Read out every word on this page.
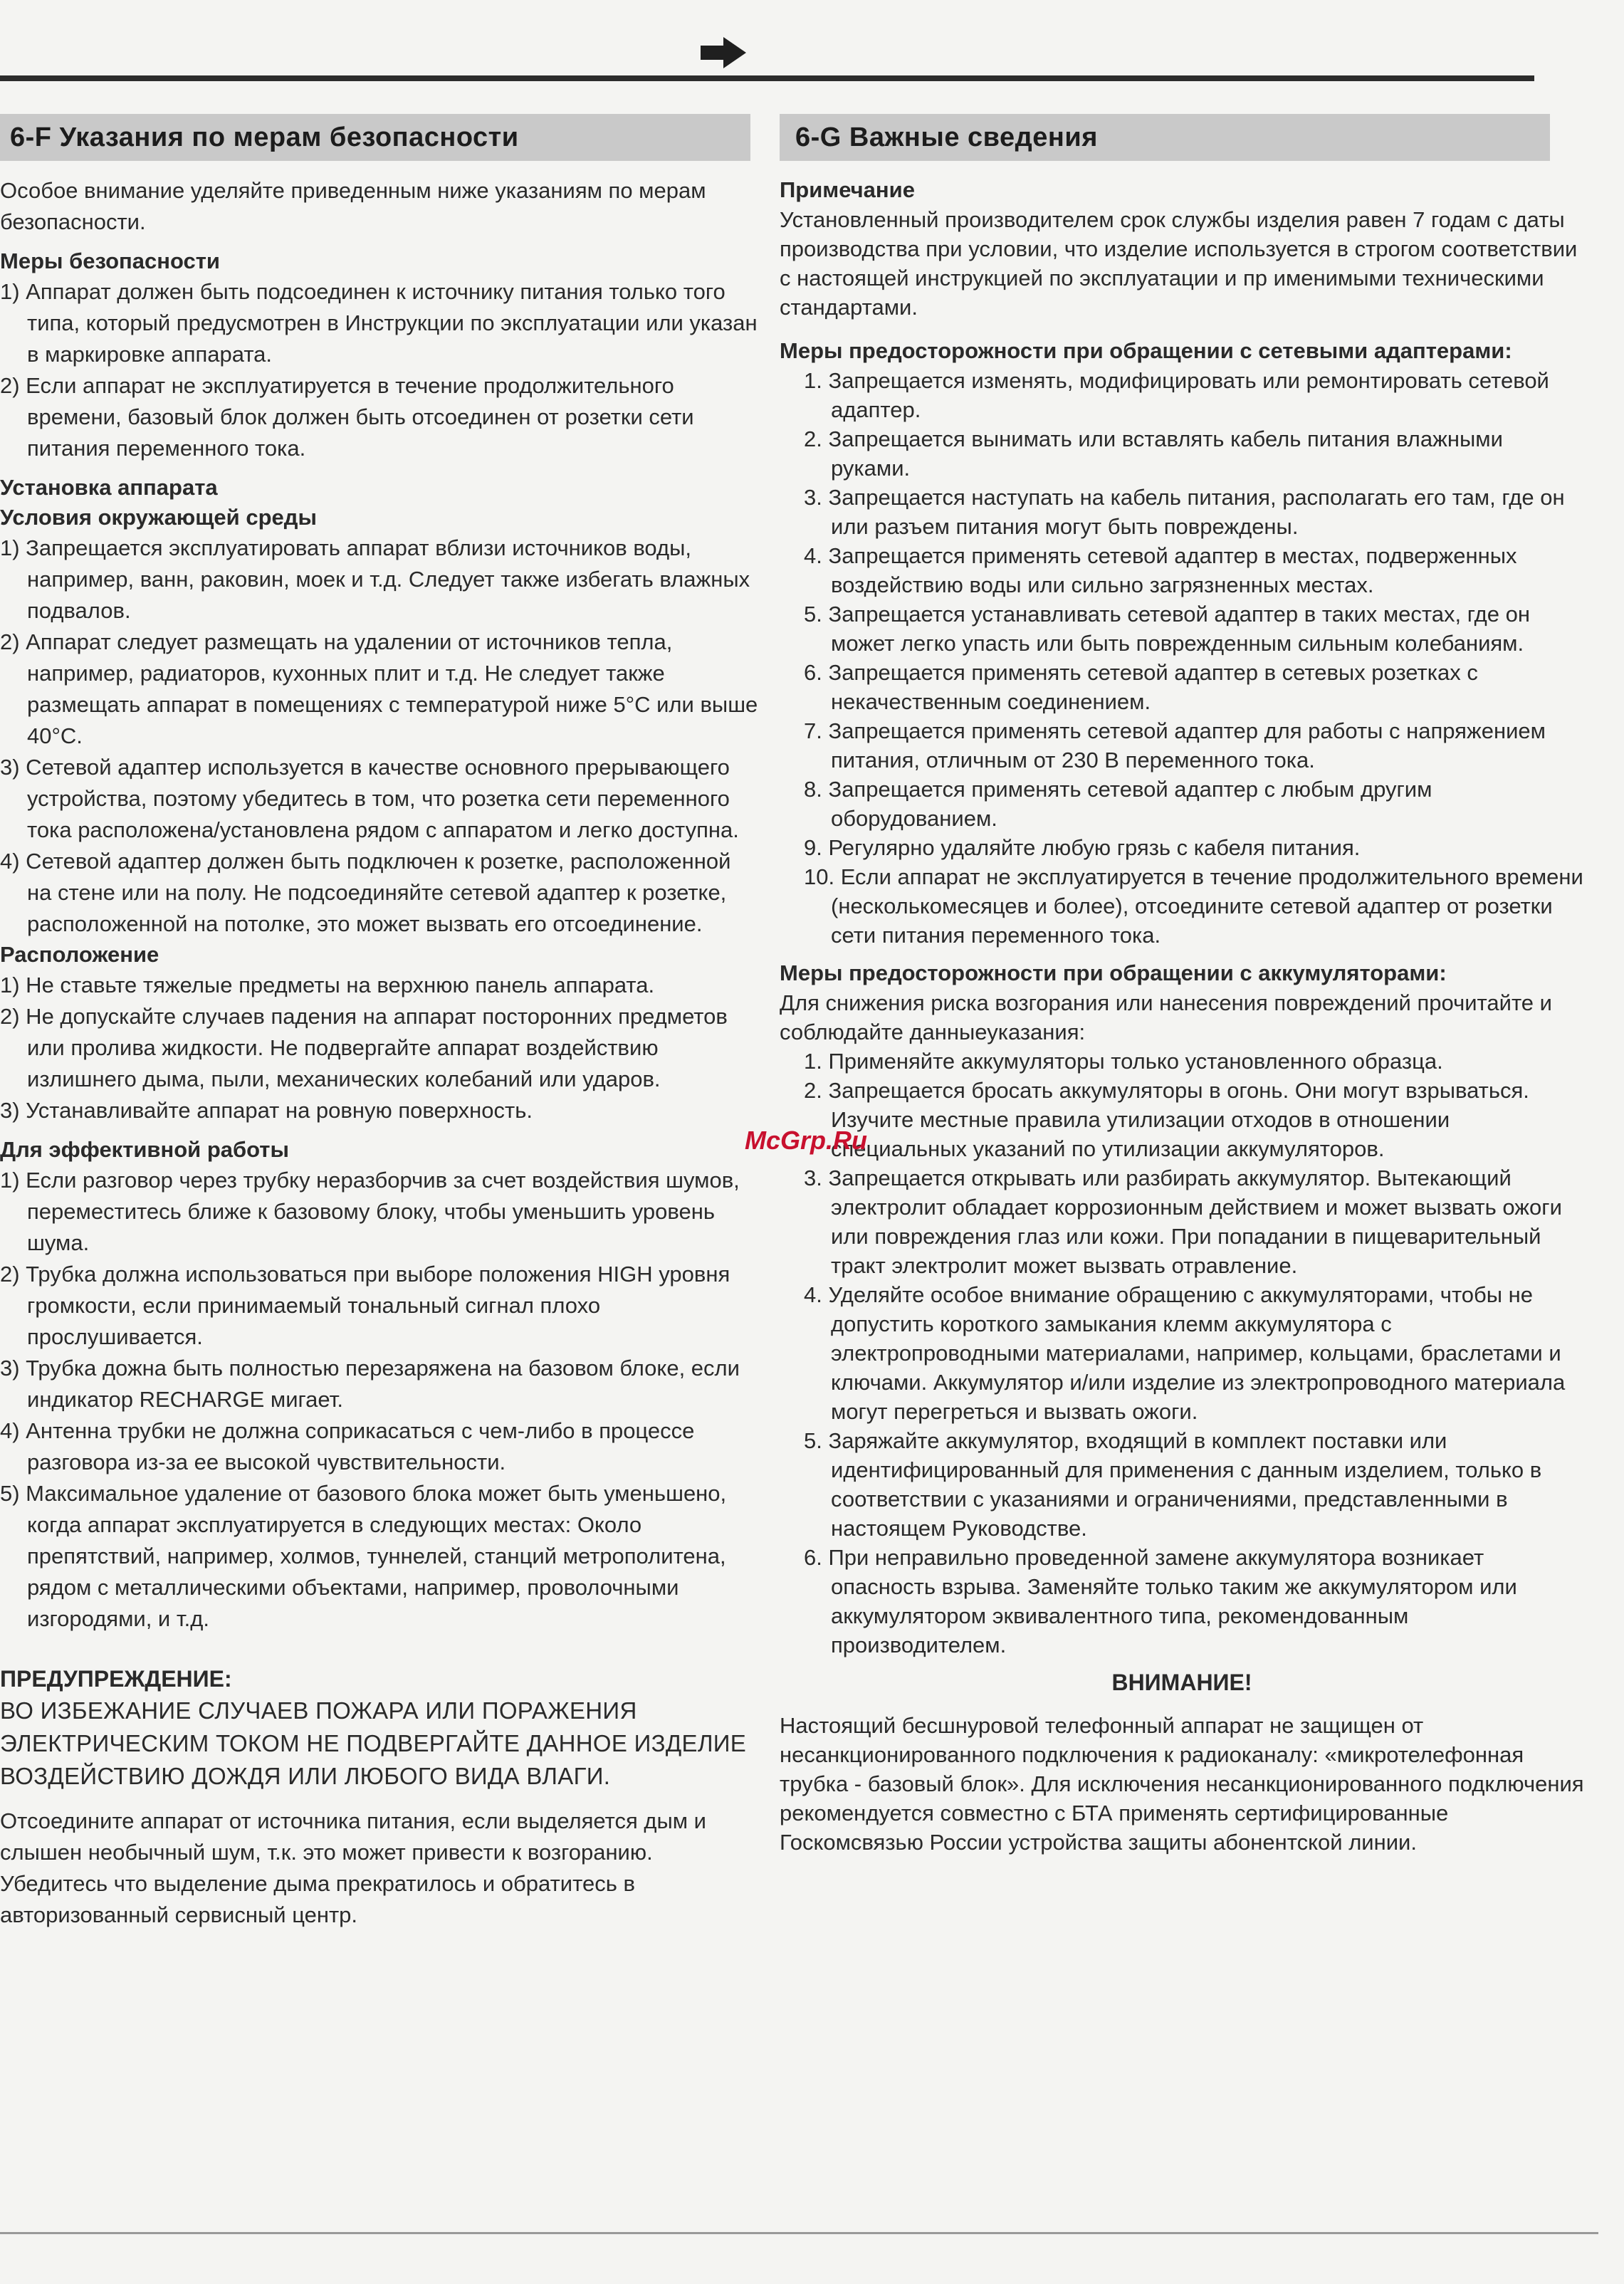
6-F Указания по мерам безопасности

Особое внимание уделяйте приведенным ниже указаниям по мерам безопасности.

Меры безопасности
1) Аппарат должен быть подсоединен к источнику питания только того типа, который предусмотрен в Инструкции по эксплуатации или указан в маркировке аппарата.
2) Если аппарат не эксплуатируется в течение продолжительного времени, базовый блок должен быть отсоединен от розетки сети питания переменного тока.
Установка аппарата
Условия окружающей среды
1) Запрещается эксплуатировать аппарат вблизи источников воды, например, ванн, раковин, моек и т.д. Следует также избегать влажных подвалов.
2) Аппарат следует размещать на удалении от источников тепла, например, радиаторов, кухонных плит и т.д. Не следует также размещать аппарат в помещениях с температурой ниже 5°С или выше 40°С.
3) Сетевой адаптер используется в качестве основного прерывающего устройства, поэтому убедитесь в том, что розетка сети переменного тока расположена/установлена рядом с аппаратом и легко доступна.
4) Сетевой адаптер должен быть подключен к розетке, расположенной на стене или на полу. Не подсоединяйте сетевой адаптер к розетке, расположенной на потолке, это может вызвать его отсоединение.
Расположение
1) Не ставьте тяжелые предметы на верхнюю панель аппарата.
2) Не допускайте случаев падения на аппарат посторонних предметов или пролива жидкости. Не подвергайте аппарат воздействию излишнего дыма, пыли, механических колебаний или ударов.
3) Устанавливайте аппарат на ровную поверхность.
Для эффективной работы
1) Если разговор через трубку неразборчив за счет воздействия шумов, переместитесь ближе к базовому блоку, чтобы уменьшить уровень шума.
2) Трубка должна использоваться при выборе положения HIGH уровня громкости, если принимаемый тональный сигнал плохо прослушивается.
3) Трубка дожна быть полностью перезаряжена на базовом блоке, если индикатор RECHARGE мигает.
4) Антенна трубки не должна соприкасаться с чем-либо в процессе разговора из-за ее высокой чувствительности.
5) Максимальное удаление от базового блока может быть уменьшено, когда аппарат эксплуатируется в следующих местах: Около препятствий, например, холмов, туннелей, станций метрополитена, рядом с металлическими объектами, например, проволочными изгородями, и т.д.
ПРЕДУПРЕЖДЕНИЕ:
ВО ИЗБЕЖАНИЕ СЛУЧАЕВ ПОЖАРА ИЛИ ПОРАЖЕНИЯ ЭЛЕКТРИЧЕСКИМ ТОКОМ НЕ ПОДВЕРГАЙТЕ ДАННОЕ ИЗДЕЛИЕ ВОЗДЕЙСТВИЮ ДОЖДЯ ИЛИ ЛЮБОГО ВИДА ВЛАГИ.

Отсоедините аппарат от источника питания, если выделяется дым и слышен необычный шум, т.к. это может привести к возгоранию. Убедитесь что выделение дыма прекратилось и обратитесь в авторизованный сервисный центр.

6-G Важные сведения
Примечание

Установленный производителем срок службы изделия равен 7 годам с даты производства при условии, что изделие используется в строгом соответствии с настоящей инструкцией по эксплуатации и пр именимыми техническими стандартами.

Меры предосторожности при обращении с сетевыми адаптерами:
1. Запрещается изменять, модифицировать или ремонтировать сетевой адаптер.
2. Запрещается вынимать или вставлять кабель питания влажными руками.
3. Запрещается наступать на кабель питания, располагать его там, где он или разъем питания могут быть повреждены.
4. Запрещается применять сетевой адаптер в местах, подверженных воздействию воды или сильно загрязненных местах.
5. Запрещается устанавливать сетевой адаптер в таких местах, где он может легко упасть или быть поврежденным сильным колебаниям.
6. Запрещается применять сетевой адаптер в сетевых розетках с некачественным соединением.
7. Запрещается применять сетевой адаптер для работы с напряжением питания, отличным от 230 В переменного тока.
8. Запрещается применять сетевой адаптер с любым другим оборудованием.
9. Регулярно удаляйте любую грязь с кабеля питания.
10. Если аппарат не эксплуатируется в течение продолжительного времени (несколькомесяцев и более), отсоедините сетевой адаптер от розетки сети питания переменного тока.
Меры предосторожности при обращении с аккумуляторами:

Для снижения риска возгорания или нанесения повреждений прочитайте и соблюдайте данныеуказания:

1. Применяйте аккумуляторы только установленного образца.
2. Запрещается бросать аккумуляторы в огонь. Они могут взрываться. Изучите местные правила утилизации отходов в отношении специальных указаний по утилизации аккумуляторов.
3. Запрещается открывать или разбирать аккумулятор. Вытекающий электролит обладает коррозионным действием и может вызвать ожоги или повреждения глаз или кожи. При попадании в пищеварительный тракт электролит может вызвать отравление.
4. Уделяйте особое внимание обращению с аккумуляторами, чтобы не допустить короткого замыкания клемм аккумулятора с электропроводными материалами, например, кольцами, браслетами и ключами. Аккумулятор и/или изделие из электропроводного материала могут перегреться и вызвать ожоги.
5. Заряжайте аккумулятор, входящий в комплект поставки или идентифицированный для применения с данным изделием, только в соответствии с указаниями и ограничениями, представленными в настоящем Руководстве.
6. При неправильно проведенной замене аккумулятора возникает опасность взрыва. Заменяйте только таким же аккумулятором или аккумулятором эквивалентного типа, рекомендованным производителем.
ВНИМАНИЕ!

Настоящий бесшнуровой телефонный аппарат не защищен от несанкционированного подключения к радиоканалу: «микротелефонная трубка - базовый блок». Для исключения несанкционированного подключения рекомендуется совместно с БТА применять сертифицированные Госкомсвязью России устройства защиты абонентской линии.

McGrp.Ru
